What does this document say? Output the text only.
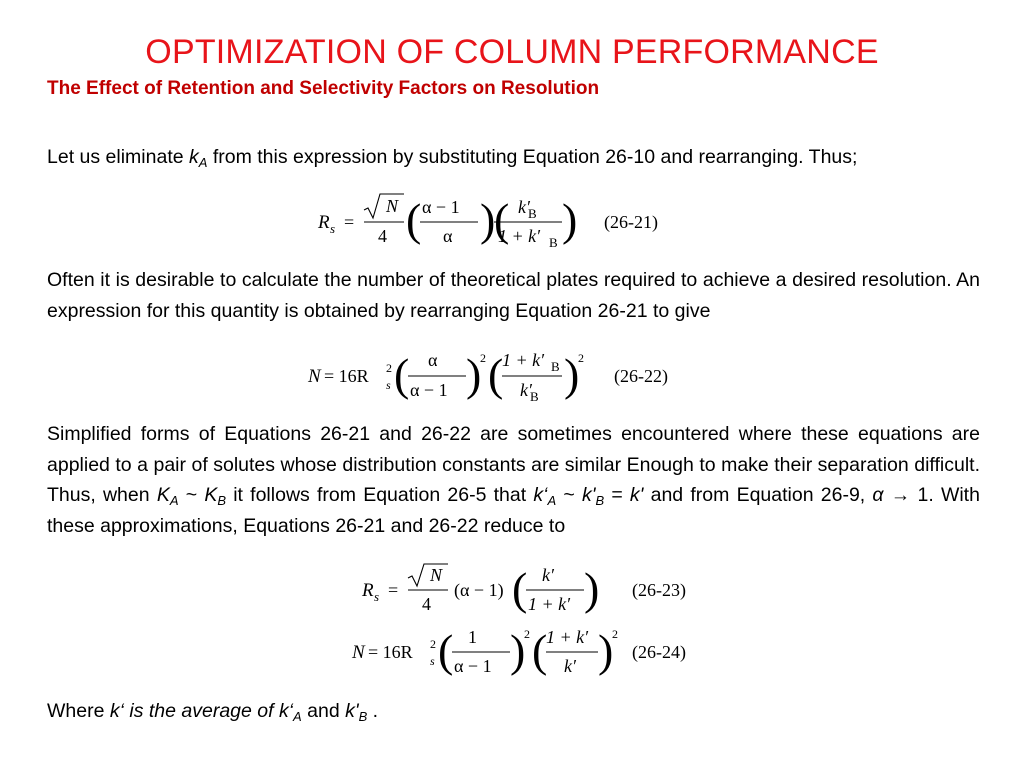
OPTIMIZATION OF COLUMN PERFORMANCE
The Effect of Retention and Selectivity Factors on Resolution
Let us eliminate $k_A$ from this expression by substituting Equation 26-10 and rearranging. Thus;
R s =
N
4 ( α − 1
α )
( k′
B
1 + k′ B ) (26-21)
Often it is desirable to calculate the number of theoretical plates required to achieve a desired resolution. An expression for this quantity is obtained by rearranging Equation 26-21 to give
N = 16R 2
s ( α
α − 1 )
2 (
1 + k′ B
k′
B )
2
(26-22)
Simplified forms of Equations 26-21 and 26-22 are sometimes encountered where these equations are applied to a pair of solutes whose distribution constants are similar Enough to make their separation difficult. Thus, when $K_A$ ~ $K_B$ it follows from Equation 26-5 that $k‘_A$ ~ $k'_B = k'$ and from Equation 26-9, α → 1. With these approximations, Equations 26-21 and 26-22 reduce to
R s =
N
4
(α − 1) ( k′
1 + k′ ) (26-23)
N = 16R 2
s ( 1
α − 1 )
2 (
1 + k′
k′ )
2
(26-24)
Where k‘ is the average of $k‘_A$ and $k'_B$ .
